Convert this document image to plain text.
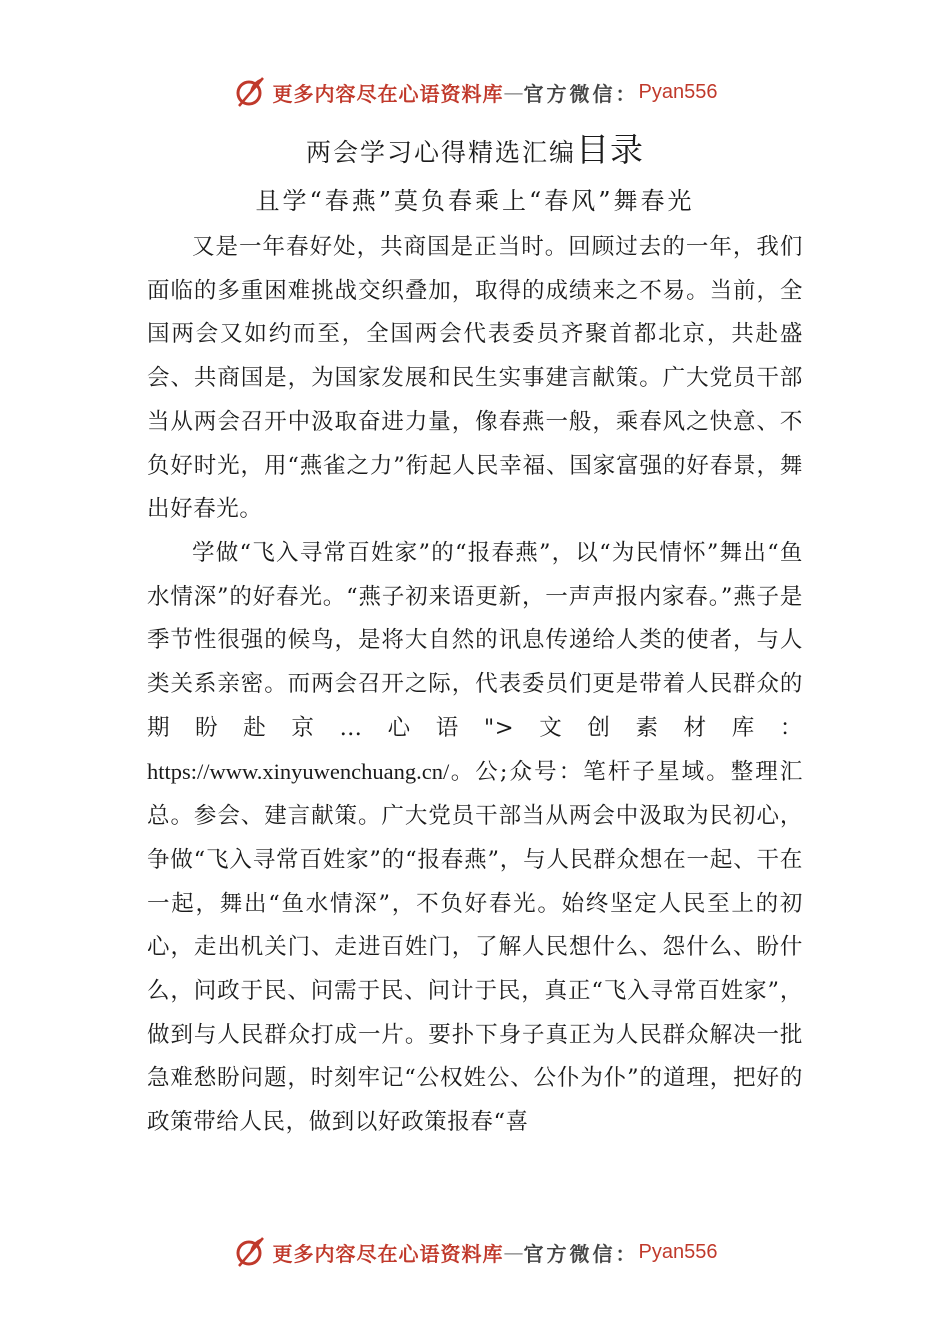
更多内容尽在心语资料库 — 官方微信： Pyan556
两会学习心得精选汇编目录
且学“春燕”莫负春乘上“春风”舞春光

又是一年春好处，共商国是正当时。回顾过去的一年，我们面临的多重困难挑战交织叠加，取得的成绩来之不易。当前，全国两会又如约而至，全国两会代表委员齐聚首都北京，共赴盛会、共商国是，为国家发展和民生实事建言献策。广大党员干部当从两会召开中汲取奋进力量，像春燕一般，乘春风之快意、不负好时光，用“燕雀之力”衔起人民幸福、国家富强的好春景，舞出好春光。

学做“飞入寻常百姓家”的“报春燕”，以“为民情怀”舞出“鱼水情深”的好春光。“燕子初来语更新，一声声报内家春。”燕子是季节性很强的候鸟，是将大自然的讯息传递给人类的使者，与人类关系亲密。而两会召开之际，代表委员们更是带着人民群众的期盼赴京…心语">文创素材库：https://www.xinyuwenchuang.cn/。公;众号：笔杆子星域。整理汇总。参会、建言献策。广大党员干部当从两会中汲取为民初心，争做“飞入寻常百姓家”的“报春燕”，与人民群众想在一起、干在一起，舞出“鱼水情深”，不负好春光。始终坚定人民至上的初心，走出机关门、走进百姓门，了解人民想什么、怨什么、盼什么，问政于民、问需于民、问计于民，真正“飞入寻常百姓家”，做到与人民群众打成一片。要扑下身子真正为人民群众解决一批急难愁盼问题，时刻牢记“公权姓公、公仆为仆”的道理，把好的政策带给人民，做到以好政策报春“喜

更多内容尽在心语资料库 — 官方微信： Pyan556
